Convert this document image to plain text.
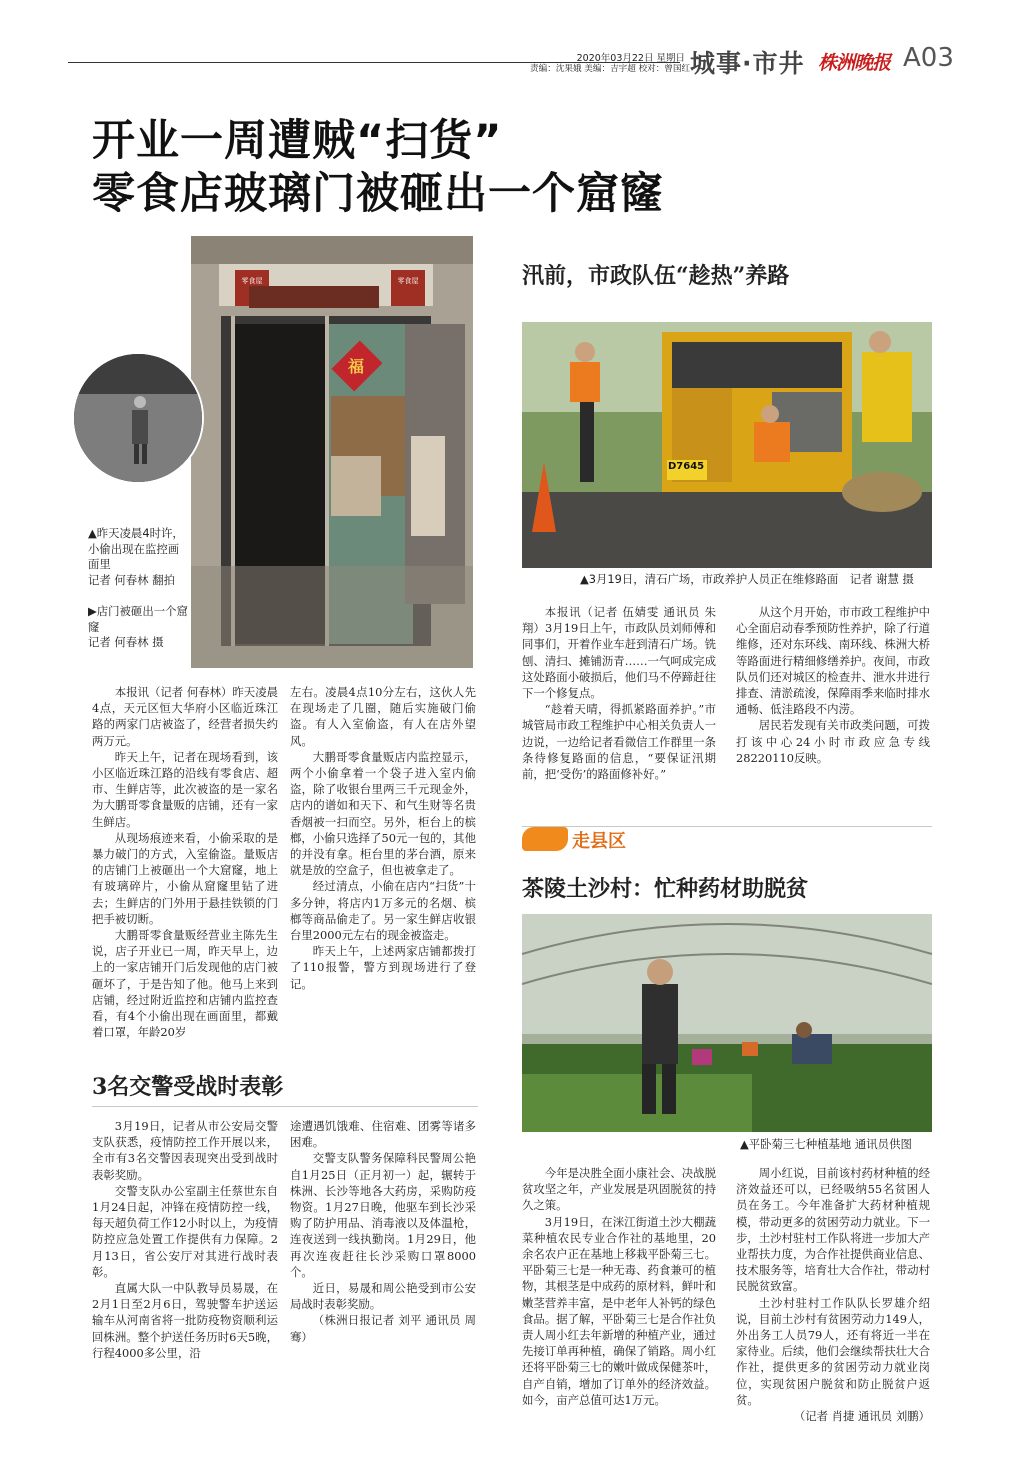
2020年03月22日 星期日
责编：沈果娥 美编：吉宇超 校对：曾国红 城事·市井 株洲晚报 A03
开业一周遭贼“扫货”
零食店玻璃门被砸出一个窟窿
零食屋	零食屋
福
▲昨天凌晨4时许，小偷出现在监控画面里
记者 何春林 翻拍
▶店门被砸出一个窟窿
记者 何春林 摄
本报讯（记者 何春林）昨天凌晨4点，天元区恒大华府小区临近珠江路的两家门店被盗了，经营者损失约两万元。
昨天上午，记者在现场看到，该小区临近珠江路的沿线有零食店、超市、生鲜店等，此次被盗的是一家名为大鹏哥零食量贩的店铺，还有一家生鲜店。
从现场痕迹来看，小偷采取的是暴力破门的方式，入室偷盗。量贩店的店铺门上被砸出一个大窟窿，地上有玻璃碎片，小偷从窟窿里钻了进去；生鲜店的门外用于悬挂铁锁的门把手被切断。
大鹏哥零食量贩经营业主陈先生说，店子开业已一周，昨天早上，边上的一家店铺开门后发现他的店门被砸坏了，于是告知了他。他马上来到店铺，经过附近监控和店铺内监控查看，有4个小偷出现在画面里，都戴着口罩，年龄20岁
左右。凌晨4点10分左右，这伙人先在现场走了几圈，随后实施破门偷盗。有人入室偷盗，有人在店外望风。
大鹏哥零食量贩店内监控显示，两个小偷拿着一个袋子进入室内偷盗，除了收银台里两三千元现金外，店内的谱如和天下、和气生财等名贵香烟被一扫而空。另外，柜台上的槟榔，小偷只选择了50元一包的，其他的并没有拿。柜台里的茅台酒，原来就是放的空盒子，但也被拿走了。
经过清点，小偷在店内“扫货”十多分钟，将店内1万多元的名烟、槟榔等商品偷走了。另一家生鲜店收银台里2000元左右的现金被盗走。
昨天上午，上述两家店铺都拨打了110报警，警方到现场进行了登记。
汛前，市政队伍“趁热”养路
D7645
▲3月19日，清石广场，市政养护人员正在维修路面　记者 谢慧 摄
本报讯（记者 伍婧雯 通讯员 朱翔）3月19日上午，市政队员刘师傅和同事们，开着作业车赶到清石广场。铣刨、清扫、摊铺沥青……一气呵成完成这处路面小破损后，他们马不停蹄赶往下一个修复点。
“趁着天晴，得抓紧路面养护。”市城管局市政工程维护中心相关负责人一边说，一边给记者看微信工作群里一条条待修复路面的信息，“要保证汛期前，把‘受伤’的路面修补好。”
从这个月开始，市市政工程维护中心全面启动春季预防性养护，除了行道维修，还对东环线、南环线、株洲大桥等路面进行精细修缮养护。夜间，市政队员们还对城区的检查井、泄水井进行排查、清淤疏浚，保障雨季来临时排水通畅、低洼路段不内涝。
居民若发现有关市政类问题，可拨打该中心24小时市政应急专线28220110反映。
走县区
茶陵土沙村：忙种药材助脱贫
▲平卧菊三七种植基地 通讯员供图
今年是决胜全面小康社会、决战脱贫攻坚之年，产业发展是巩固脱贫的持久之策。
3月19日，在洣江街道土沙大棚蔬菜种植农民专业合作社的基地里，20余名农户正在基地上移栽平卧菊三七。平卧菊三七是一种无毒、药食兼可的植物，其根茎是中成药的原材料，鲜叶和嫩茎营养丰富，是中老年人补钙的绿色食品。据了解，平卧菊三七是合作社负责人周小红去年新增的种植产业，通过先接订单再种植，确保了销路。周小红还将平卧菊三七的嫩叶做成保健茶叶，自产自销，增加了订单外的经济效益。如今，亩产总值可达1万元。
周小红说，目前该村药材种植的经济效益还可以，已经吸纳55名贫困人员在务工。今年准备扩大药材种植规模，带动更多的贫困劳动力就业。下一步，土沙村驻村工作队将进一步加大产业帮扶力度，为合作社提供商业信息、技术服务等，培育壮大合作社，带动村民脱贫致富。
土沙村驻村工作队队长罗雄介绍说，目前土沙村有贫困劳动力149人，外出务工人员79人，还有将近一半在家待业。后续，他们会继续帮扶壮大合作社，提供更多的贫困劳动力就业岗位，实现贫困户脱贫和防止脱贫户返贫。
（记者 肖捷 通讯员 刘鹏）
3名交警受战时表彰
3月19日，记者从市公安局交警支队获悉，疫情防控工作开展以来，全市有3名交警因表现突出受到战时表彰奖励。
交警支队办公室副主任蔡世东自1月24日起，冲锋在疫情防控一线，每天超负荷工作12小时以上，为疫情防控应急处置工作提供有力保障。2月13日，省公安厅对其进行战时表彰。
直属大队一中队教导员易晟，在2月1日至2月6日，驾驶警车护送运输车从河南省将一批防疫物资顺利运回株洲。整个护送任务历时6天5晚，行程4000多公里，沿
途遭遇饥饿难、住宿难、团雾等诸多困难。
交警支队警务保障科民警周公艳自1月25日（正月初一）起，辗转于株洲、长沙等地各大药房，采购防疫物资。1月27日晚，他驱车到长沙采购了防护用品、消毒液以及体温枪，连夜送到一线执勤岗。1月29日，他再次连夜赶往长沙采购口罩8000个。
近日，易晟和周公艳受到市公安局战时表彰奖励。
（株洲日报记者 刘平 通讯员 周骞）
